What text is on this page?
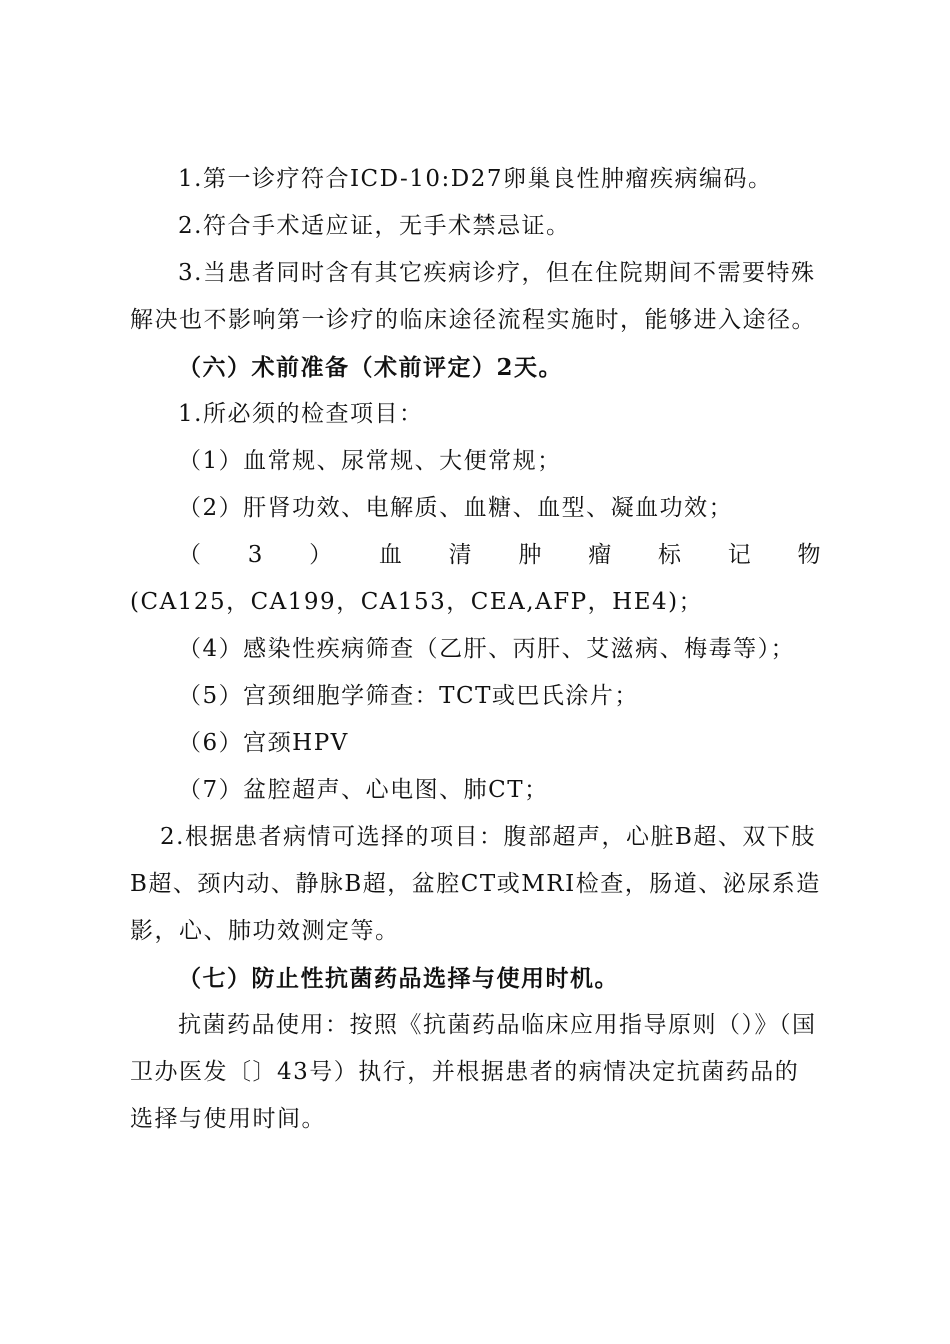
1.第一诊疗符合ICD-10:D27卵巢良性肿瘤疾病编码。

2.符合手术适应证，无手术禁忌证。

3.当患者同时含有其它疾病诊疗，但在住院期间不需要特殊解决也不影响第一诊疗的临床途径流程实施时，能够进入途径。

（六）术前准备（术前评定）2天。

1.所必须的检查项目：

（1）血常规、尿常规、大便常规；

（2）肝肾功效、电解质、血糖、血型、凝血功效；

（3）血清肿瘤标记物

(CA125，CA199，CA153，CEA,AFP，HE4)；

（4）感染性疾病筛查（乙肝、丙肝、艾滋病、梅毒等）；

（5）宫颈细胞学筛查：TCT或巴氏涂片；

（6）宫颈HPV

（7）盆腔超声、心电图、肺CT；

2.根据患者病情可选择的项目：腹部超声，心脏B超、双下肢B超、颈内动、静脉B超，盆腔CT或MRI检查，肠道、泌尿系造影，心、肺功效测定等。

（七）防止性抗菌药品选择与使用时机。

抗菌药品使用：按照《抗菌药品临床应用指导原则（）》（国卫办医发〔〕43号）执行，并根据患者的病情决定抗菌药品的选择与使用时间。
